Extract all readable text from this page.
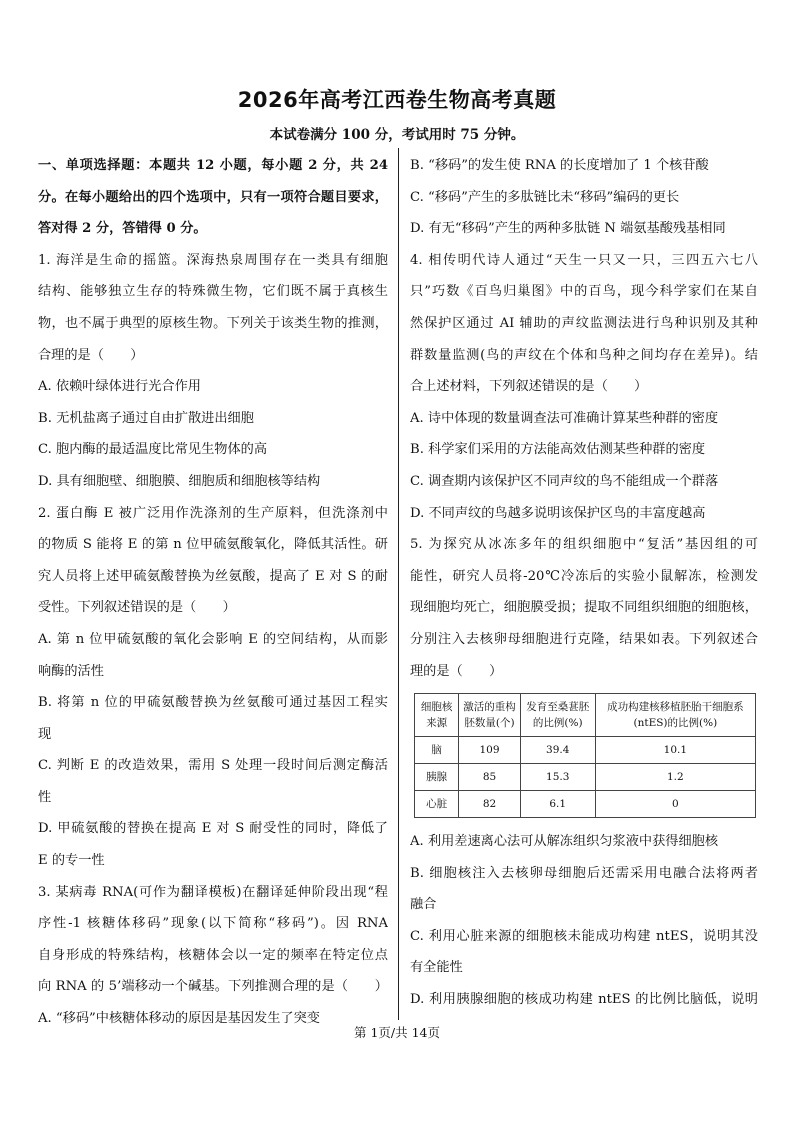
2026年高考江西卷生物高考真题
本试卷满分 100 分，考试用时 75 分钟。
一、单项选择题：本题共 12 小题，每小题 2 分，共 24
分。在每小题给出的四个选项中，只有一项符合题目要求，
答对得 2 分，答错得 0 分。
1. 海洋是生命的摇篮。深海热泉周围存在一类具有细胞
结构、能够独立生存的特殊微生物，它们既不属于真核生
物，也不属于典型的原核生物。下列关于该类生物的推测，
合理的是（　　）
A. 依赖叶绿体进行光合作用
B. 无机盐离子通过自由扩散进出细胞
C. 胞内酶的最适温度比常见生物体的高
D. 具有细胞壁、细胞膜、细胞质和细胞核等结构
2. 蛋白酶 E 被广泛用作洗涤剂的生产原料，但洗涤剂中
的物质 S 能将 E 的第 n 位甲硫氨酸氧化，降低其活性。研
究人员将上述甲硫氨酸替换为丝氨酸，提高了 E 对 S 的耐
受性。下列叙述错误的是（　　）
A. 第 n 位甲硫氨酸的氧化会影响 E 的空间结构，从而影
响酶的活性
B. 将第 n 位的甲硫氨酸替换为丝氨酸可通过基因工程实
现
C. 判断 E 的改造效果，需用 S 处理一段时间后测定酶活
性
D. 甲硫氨酸的替换在提高 E 对 S 耐受性的同时，降低了
E 的专一性
3. 某病毒 RNA(可作为翻译模板)在翻译延伸阶段出现“程
序性-1 核糖体移码”现象(以下简称“移码”)。因 RNA
自身形成的特殊结构，核糖体会以一定的频率在特定位点
向 RNA 的 5’端移动一个碱基。下列推测合理的是（　　）
A. “移码”中核糖体移动的原因是基因发生了突变
B. “移码”的发生使 RNA 的长度增加了 1 个核苷酸
C. “移码”产生的多肽链比未“移码”编码的更长
D. 有无“移码”产生的两种多肽链 N 端氨基酸残基相同
4. 相传明代诗人通过“天生一只又一只，三四五六七八
只”巧数《百鸟归巢图》中的百鸟，现今科学家们在某自
然保护区通过 AI 辅助的声纹监测法进行鸟种识别及其种
群数量监测(鸟的声纹在个体和鸟种之间均存在差异)。结
合上述材料，下列叙述错误的是（　　）
A. 诗中体现的数量调查法可准确计算某些种群的密度
B. 科学家们采用的方法能高效估测某些种群的密度
C. 调查期内该保护区不同声纹的鸟不能组成一个群落
D. 不同声纹的鸟越多说明该保护区鸟的丰富度越高
5. 为探究从冰冻多年的组织细胞中“复活”基因组的可
能性，研究人员将-20℃冷冻后的实验小鼠解冻，检测发
现细胞均死亡，细胞膜受损；提取不同组织细胞的细胞核，
分别注入去核卵母细胞进行克隆，结果如表。下列叙述合
理的是（　　）
细胞核来源	激活的重构胚数量(个)	发育至桑葚胚的比例(%)	成功构建核移植胚胎干细胞系(ntES)的比例(%)
脑	109	39.4	10.1
胰腺	85	15.3	1.2
心脏	82	6.1	0
A. 利用差速离心法可从解冻组织匀浆液中获得细胞核
B. 细胞核注入去核卵母细胞后还需采用电融合法将两者
融合
C. 利用心脏来源的细胞核未能成功构建 ntES，说明其没
有全能性
D. 利用胰腺细胞的核成功构建 ntES 的比例比脑低，说明
第 1页/共 14页
